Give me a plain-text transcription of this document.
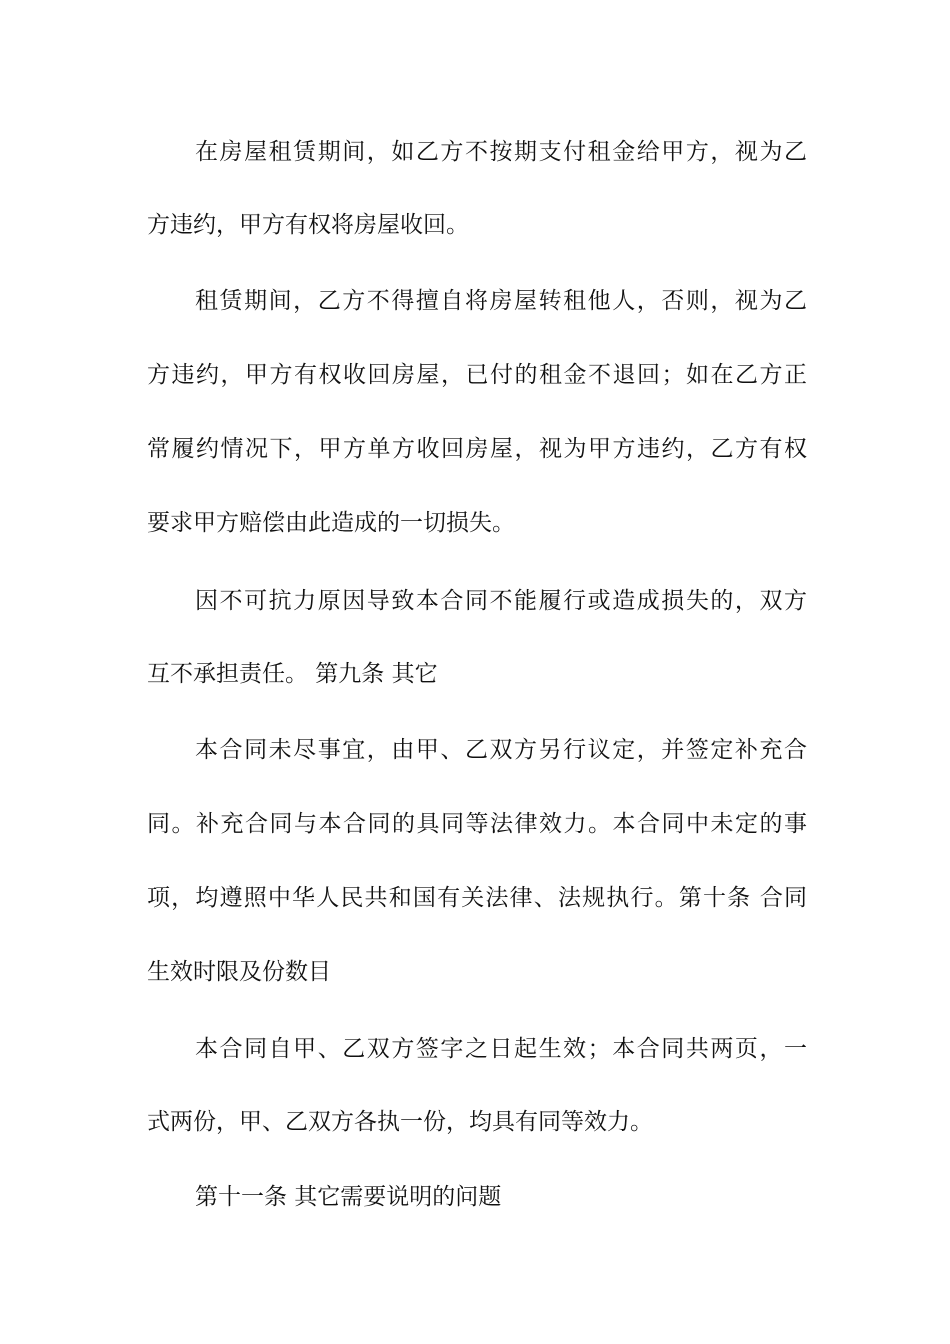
在房屋租赁期间，如乙方不按期支付租金给甲方，视为乙
方违约，甲方有权将房屋收回。
租赁期间，乙方不得擅自将房屋转租他人，否则，视为乙
方违约，甲方有权收回房屋，已付的租金不退回；如在乙方正
常履约情况下，甲方单方收回房屋，视为甲方违约，乙方有权
要求甲方赔偿由此造成的一切损失。
因不可抗力原因导致本合同不能履行或造成损失的，双方
互不承担责任。 第九条 其它
本合同未尽事宜，由甲、乙双方另行议定，并签定补充合
同。补充合同与本合同的具同等法律效力。本合同中未定的事
项，均遵照中华人民共和国有关法律、法规执行。第十条 合同
生效时限及份数目
本合同自甲、乙双方签字之日起生效；本合同共两页，一
式两份，甲、乙双方各执一份，均具有同等效力。
第十一条 其它需要说明的问题
